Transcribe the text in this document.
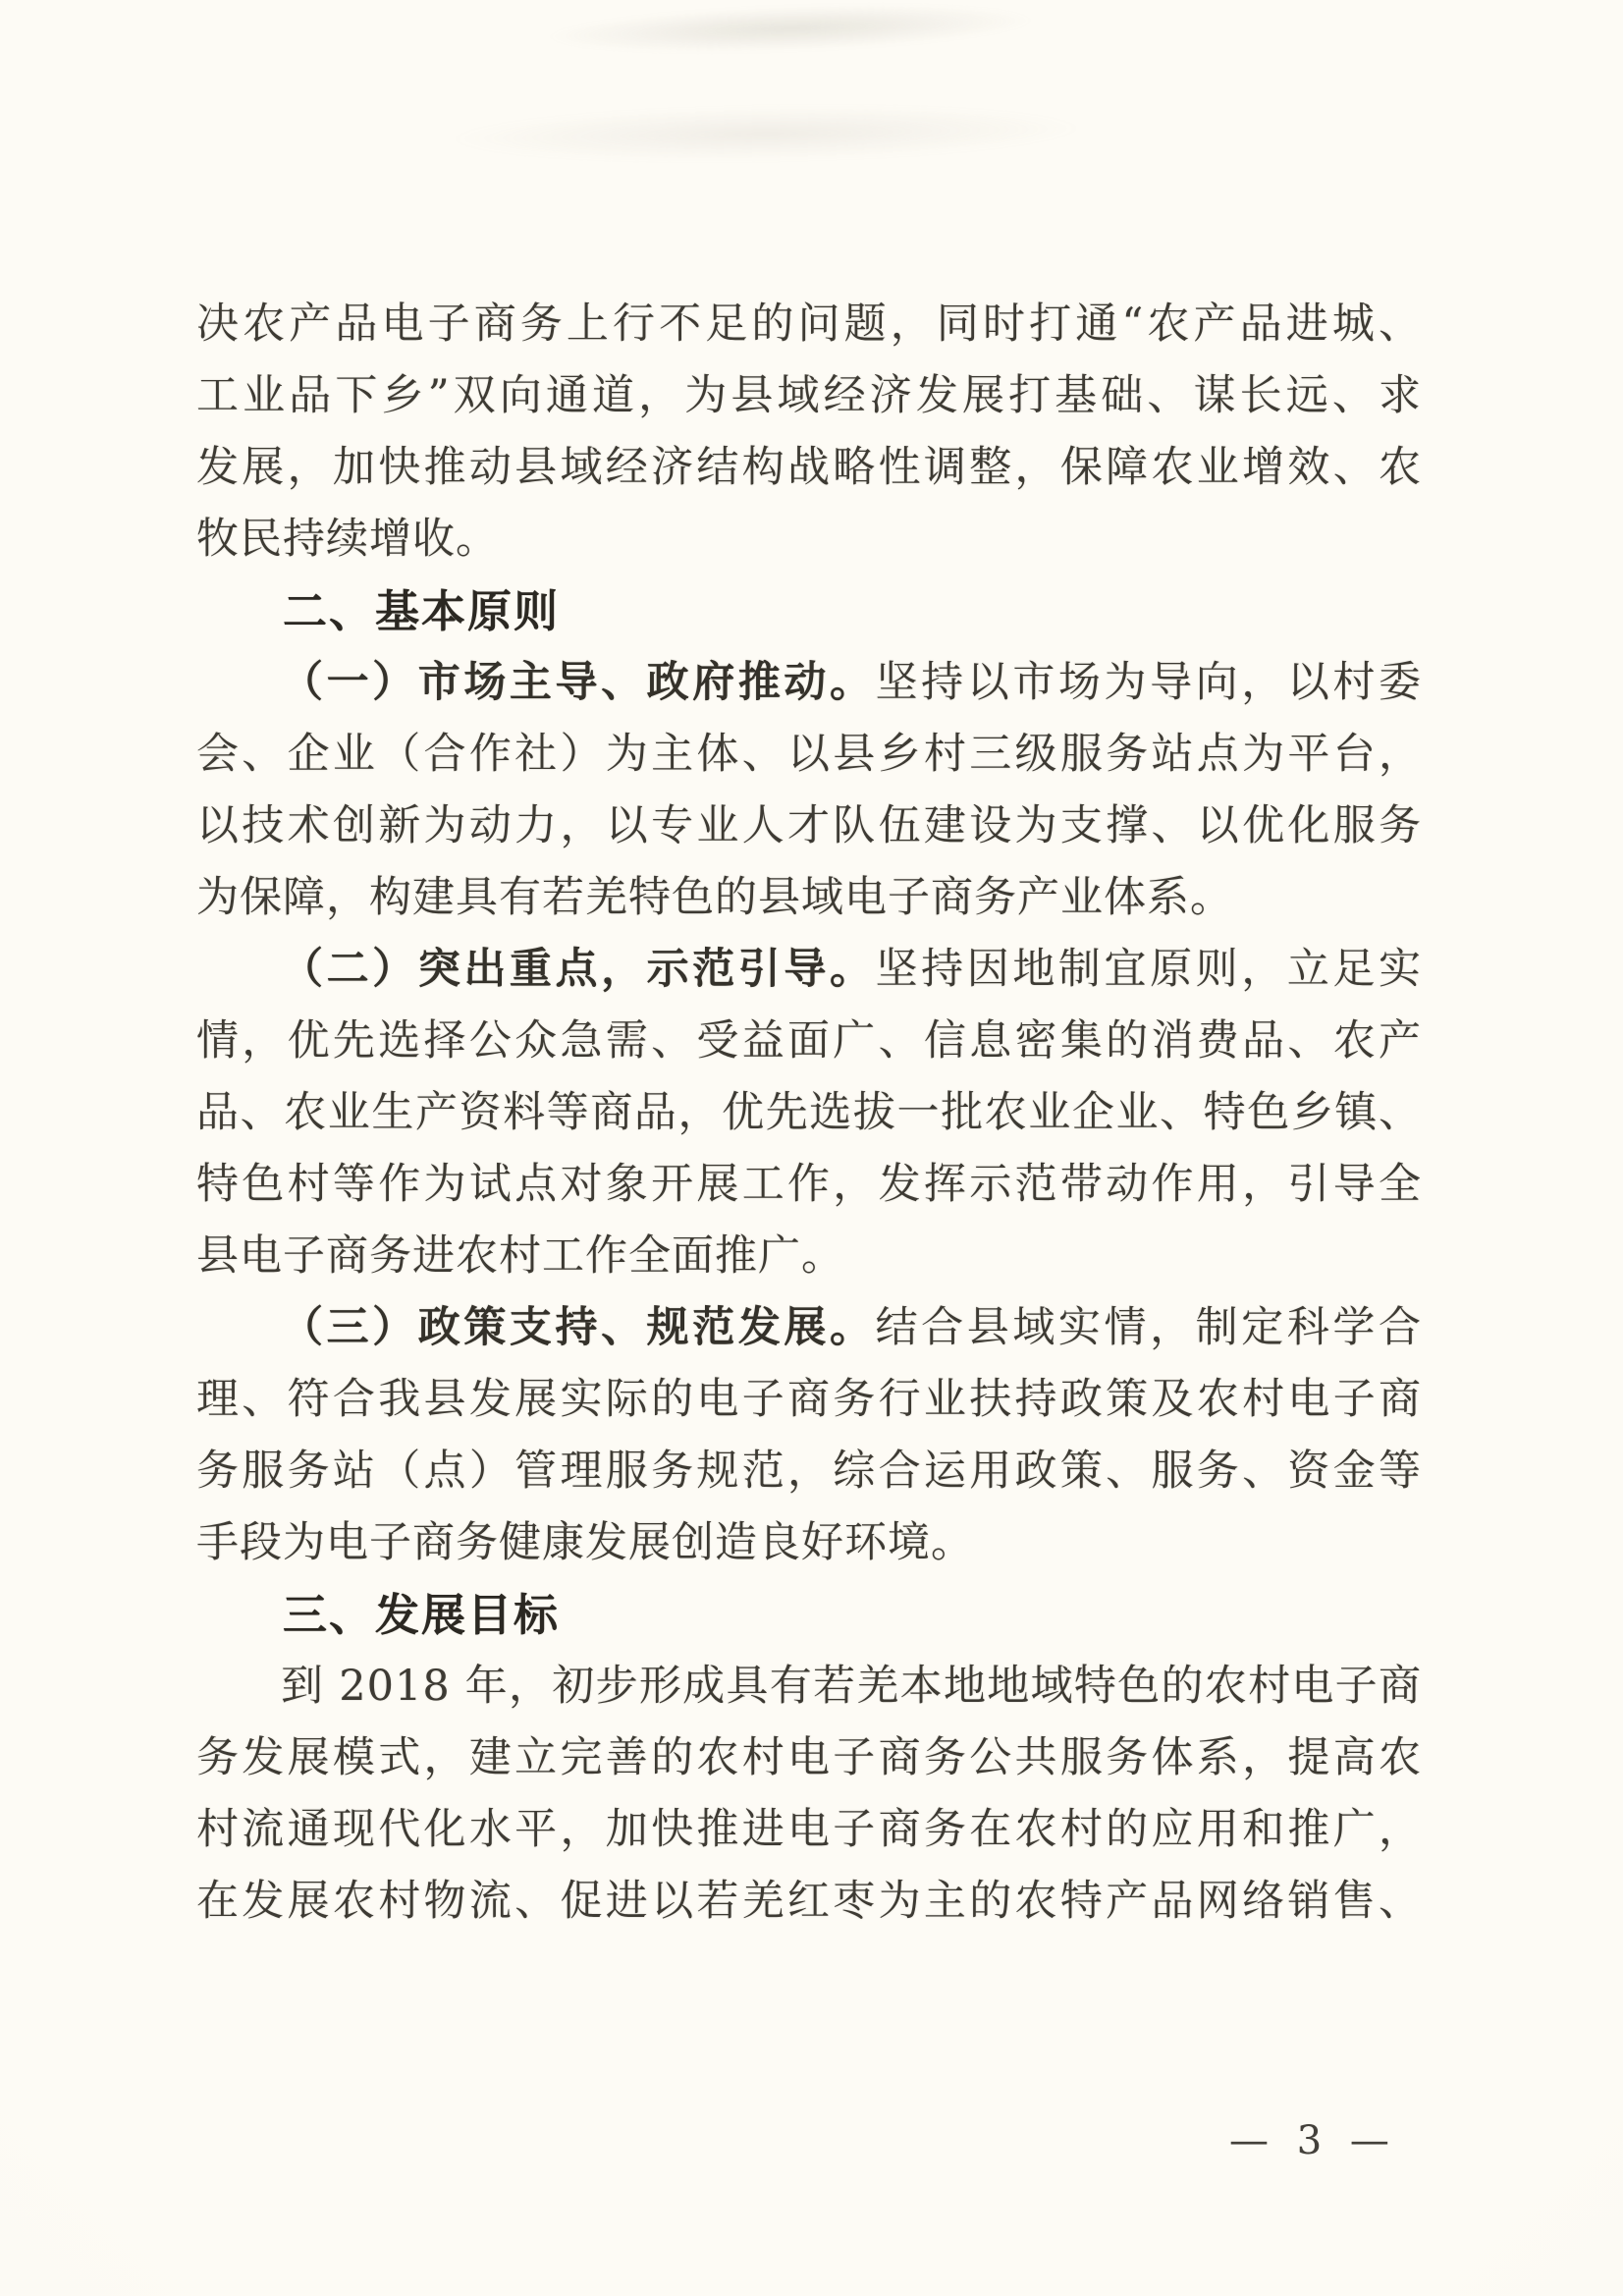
决农产品电子商务上行不足的问题，同时打通“农产品进城、
工业品下乡”双向通道，为县域经济发展打基础、谋长远、求
发展，加快推动县域经济结构战略性调整，保障农业增效、农
牧民持续增收。
二、基本原则
（一）市场主导、政府推动。坚持以市场为导向，以村委
会、企业（合作社）为主体、以县乡村三级服务站点为平台，
以技术创新为动力，以专业人才队伍建设为支撑、以优化服务
为保障，构建具有若羌特色的县域电子商务产业体系。
（二）突出重点，示范引导。坚持因地制宜原则，立足实
情，优先选择公众急需、受益面广、信息密集的消费品、农产
品、农业生产资料等商品，优先选拔一批农业企业、特色乡镇、
特色村等作为试点对象开展工作，发挥示范带动作用，引导全
县电子商务进农村工作全面推广。
（三）政策支持、规范发展。结合县域实情，制定科学合
理、符合我县发展实际的电子商务行业扶持政策及农村电子商
务服务站（点）管理服务规范，综合运用政策、服务、资金等
手段为电子商务健康发展创造良好环境。
三、发展目标
到 2018 年，初步形成具有若羌本地地域特色的农村电子商
务发展模式，建立完善的农村电子商务公共服务体系，提高农
村流通现代化水平，加快推进电子商务在农村的应用和推广，
在发展农村物流、促进以若羌红枣为主的农特产品网络销售、
— 3 —
